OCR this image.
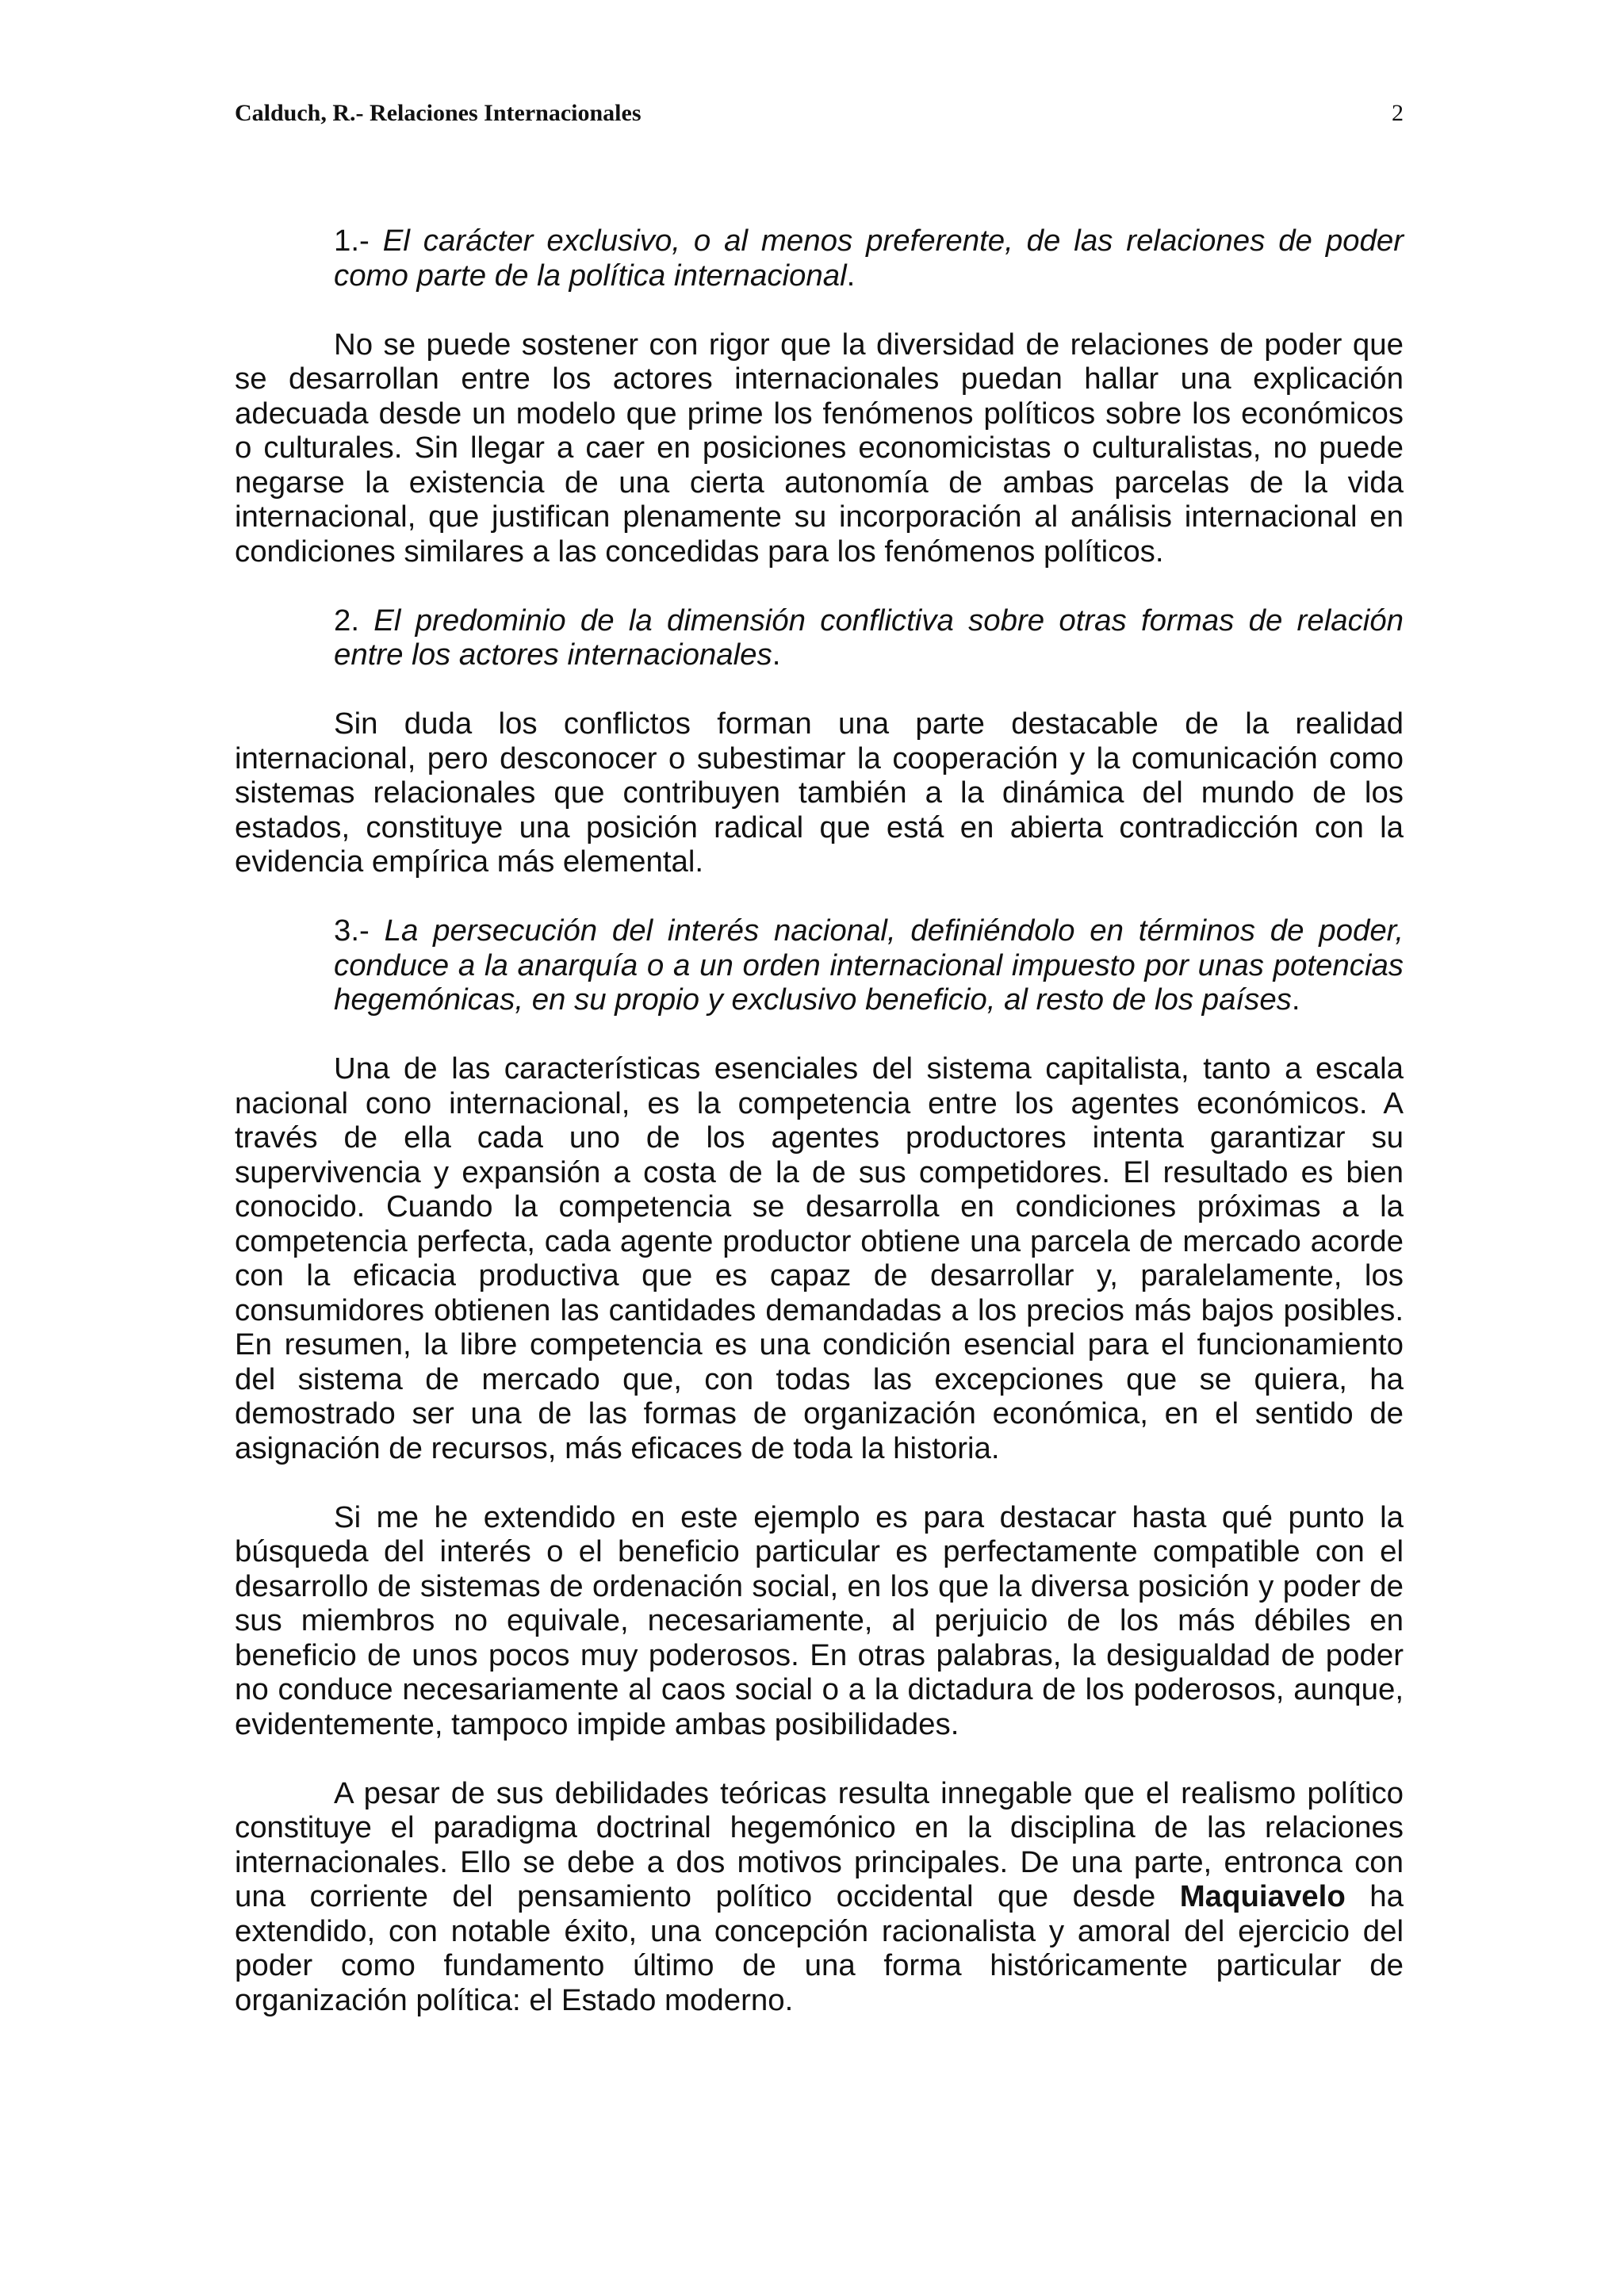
Calduch, R.- Relaciones Internacionales	2

1.- El carácter exclusivo, o al menos preferente, de las relaciones de poder como parte de la política internacional.

No se puede sostener con rigor que la diversidad de relaciones de poder que se desarrollan entre los actores internacionales puedan hallar una explicación adecuada desde un modelo que prime los fenómenos políticos sobre los económicos o culturales. Sin llegar a caer en posiciones economicistas o culturalistas, no puede negarse la existencia de una cierta autonomía de ambas parcelas de la vida internacional, que justifican plenamente su incorporación al análisis internacional en condiciones similares a las concedidas para los fenómenos políticos.

2. El predominio de la dimensión conflictiva sobre otras formas de relación entre los actores internacionales.

Sin duda los conflictos forman una parte destacable de la realidad internacional, pero desconocer o subestimar la cooperación y la comunicación como sistemas relacionales que contribuyen también a la dinámica del mundo de los estados, constituye una posición radical que está en abierta contradicción con la evidencia empírica más elemental.

3.- La persecución del interés nacional, definiéndolo en términos de poder, conduce a la anarquía o a un orden internacional impuesto por unas potencias hegemónicas, en su propio y exclusivo beneficio, al resto de los países.

Una de las características esenciales del sistema capitalista, tanto a escala nacional cono internacional, es la competencia entre los agentes económicos. A través de ella cada uno de los agentes productores intenta garantizar su supervivencia y expansión a costa de la de sus competidores. El resultado es bien conocido. Cuando la competencia se desarrolla en condiciones próximas a la competencia perfecta, cada agente productor obtiene una parcela de mercado acorde con la eficacia productiva que es capaz de desarrollar y, paralelamente, los consumidores obtienen las cantidades demandadas a los precios más bajos posibles. En resumen, la libre competencia es una condición esencial para el funcionamiento del sistema de mercado que, con todas las excepciones que se quiera, ha demostrado ser una de las formas de organización económica, en el sentido de asignación de recursos, más eficaces de toda la historia.

Si me he extendido en este ejemplo es para destacar hasta qué punto la búsqueda del interés o el beneficio particular es perfectamente compatible con el desarrollo de sistemas de ordenación social, en los que la diversa posición y poder de sus miembros no equivale, necesariamente, al perjuicio de los más débiles en beneficio de unos pocos muy poderosos. En otras palabras, la desigualdad de poder no conduce necesariamente al caos social o a la dictadura de los poderosos, aunque, evidentemente, tampoco impide ambas posibilidades.

A pesar de sus debilidades teóricas resulta innegable que el realismo político constituye el paradigma doctrinal hegemónico en la disciplina de las relaciones internacionales. Ello se debe a dos motivos principales. De una parte, entronca con una corriente del pensamiento político occidental que desde Maquiavelo ha extendido, con notable éxito, una concepción racionalista y amoral del ejercicio del poder como fundamento último de una forma históricamente particular de organización política: el Estado moderno.
